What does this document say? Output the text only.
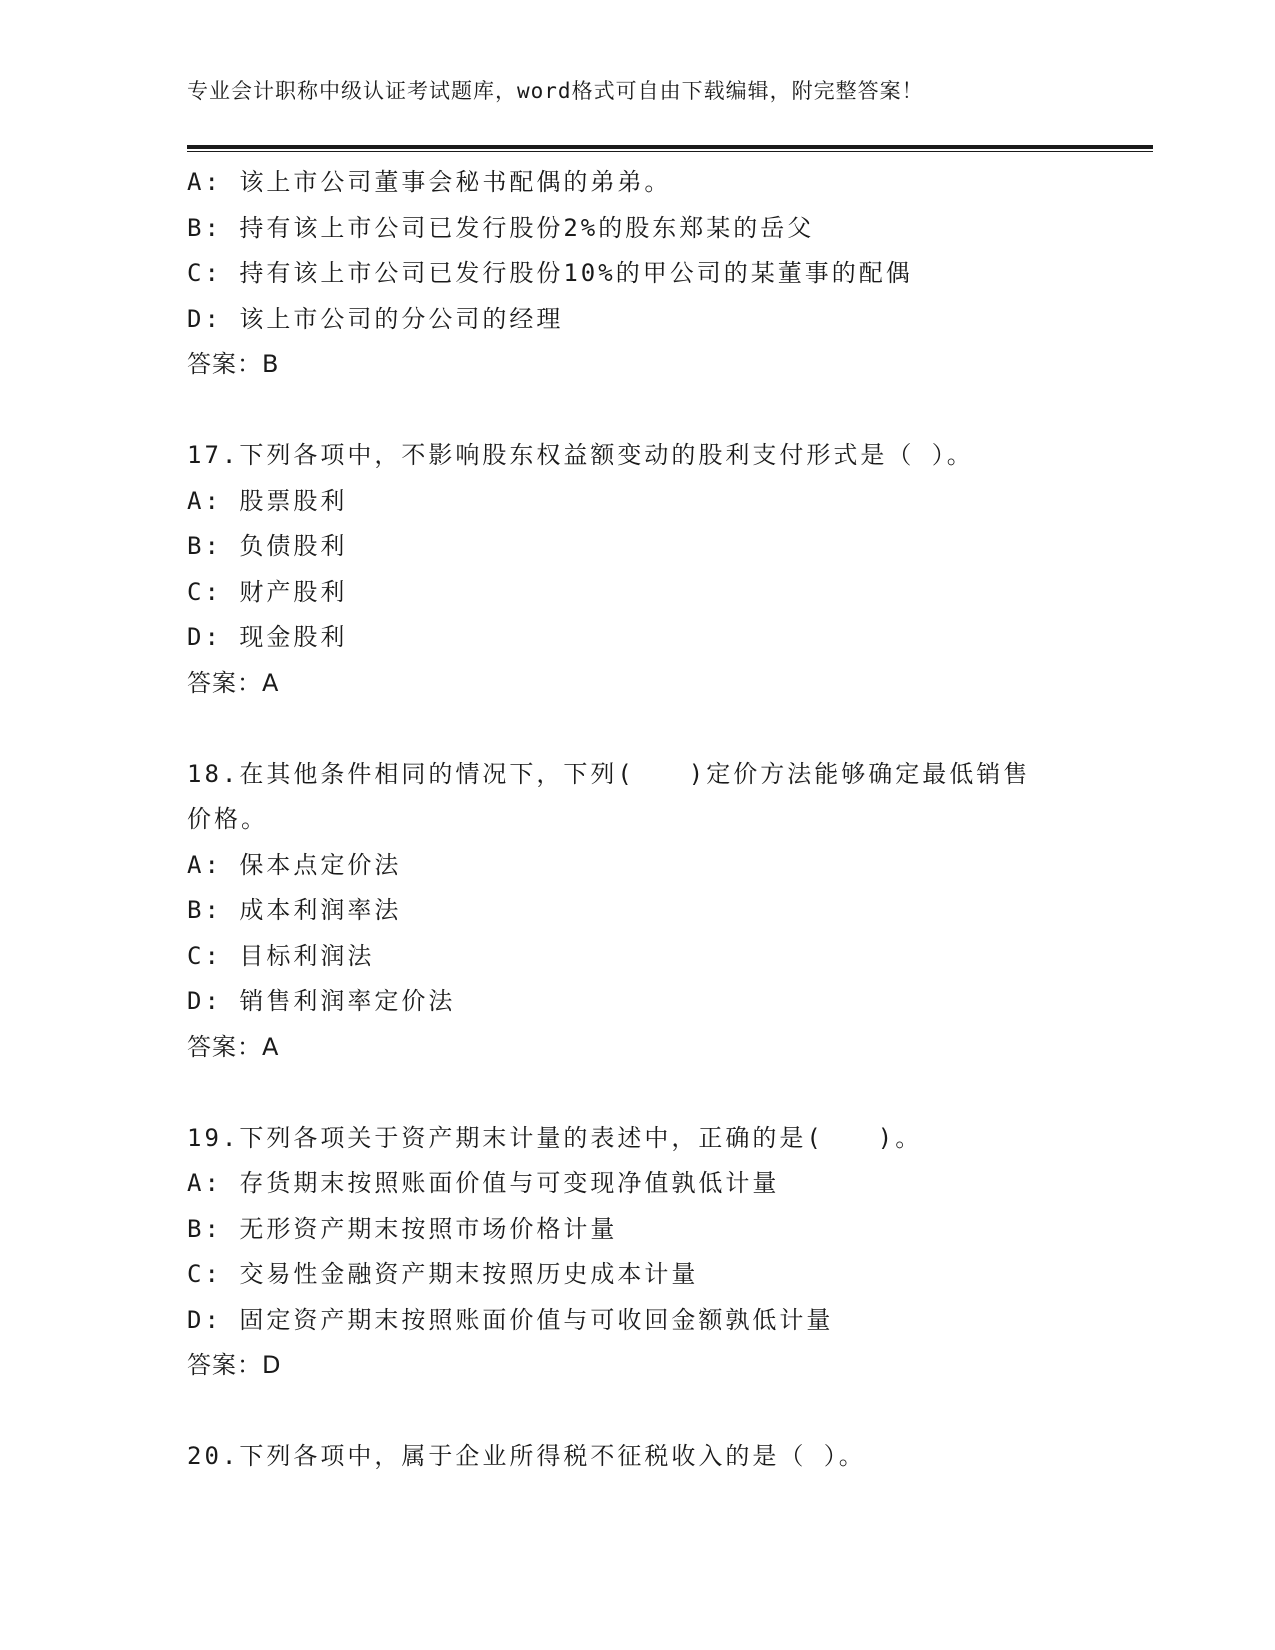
专业会计职称中级认证考试题库，word格式可自由下载编辑，附完整答案！
A: 该上市公司董事会秘书配偶的弟弟。
B: 持有该上市公司已发行股份2%的股东郑某的岳父
C: 持有该上市公司已发行股份10%的甲公司的某董事的配偶
D: 该上市公司的分公司的经理
答案：B
17.下列各项中，不影响股东权益额变动的股利支付形式是（ ）。
A: 股票股利
B: 负债股利
C: 财产股利
D: 现金股利
答案：A
18.在其他条件相同的情况下，下列(　　)定价方法能够确定最低销售
价格。
A: 保本点定价法
B: 成本利润率法
C: 目标利润法
D: 销售利润率定价法
答案：A
19.下列各项关于资产期末计量的表述中，正确的是(　　)。
A: 存货期末按照账面价值与可变现净值孰低计量
B: 无形资产期末按照市场价格计量
C: 交易性金融资产期末按照历史成本计量
D: 固定资产期末按照账面价值与可收回金额孰低计量
答案：D
20.下列各项中，属于企业所得税不征税收入的是（ ）。
